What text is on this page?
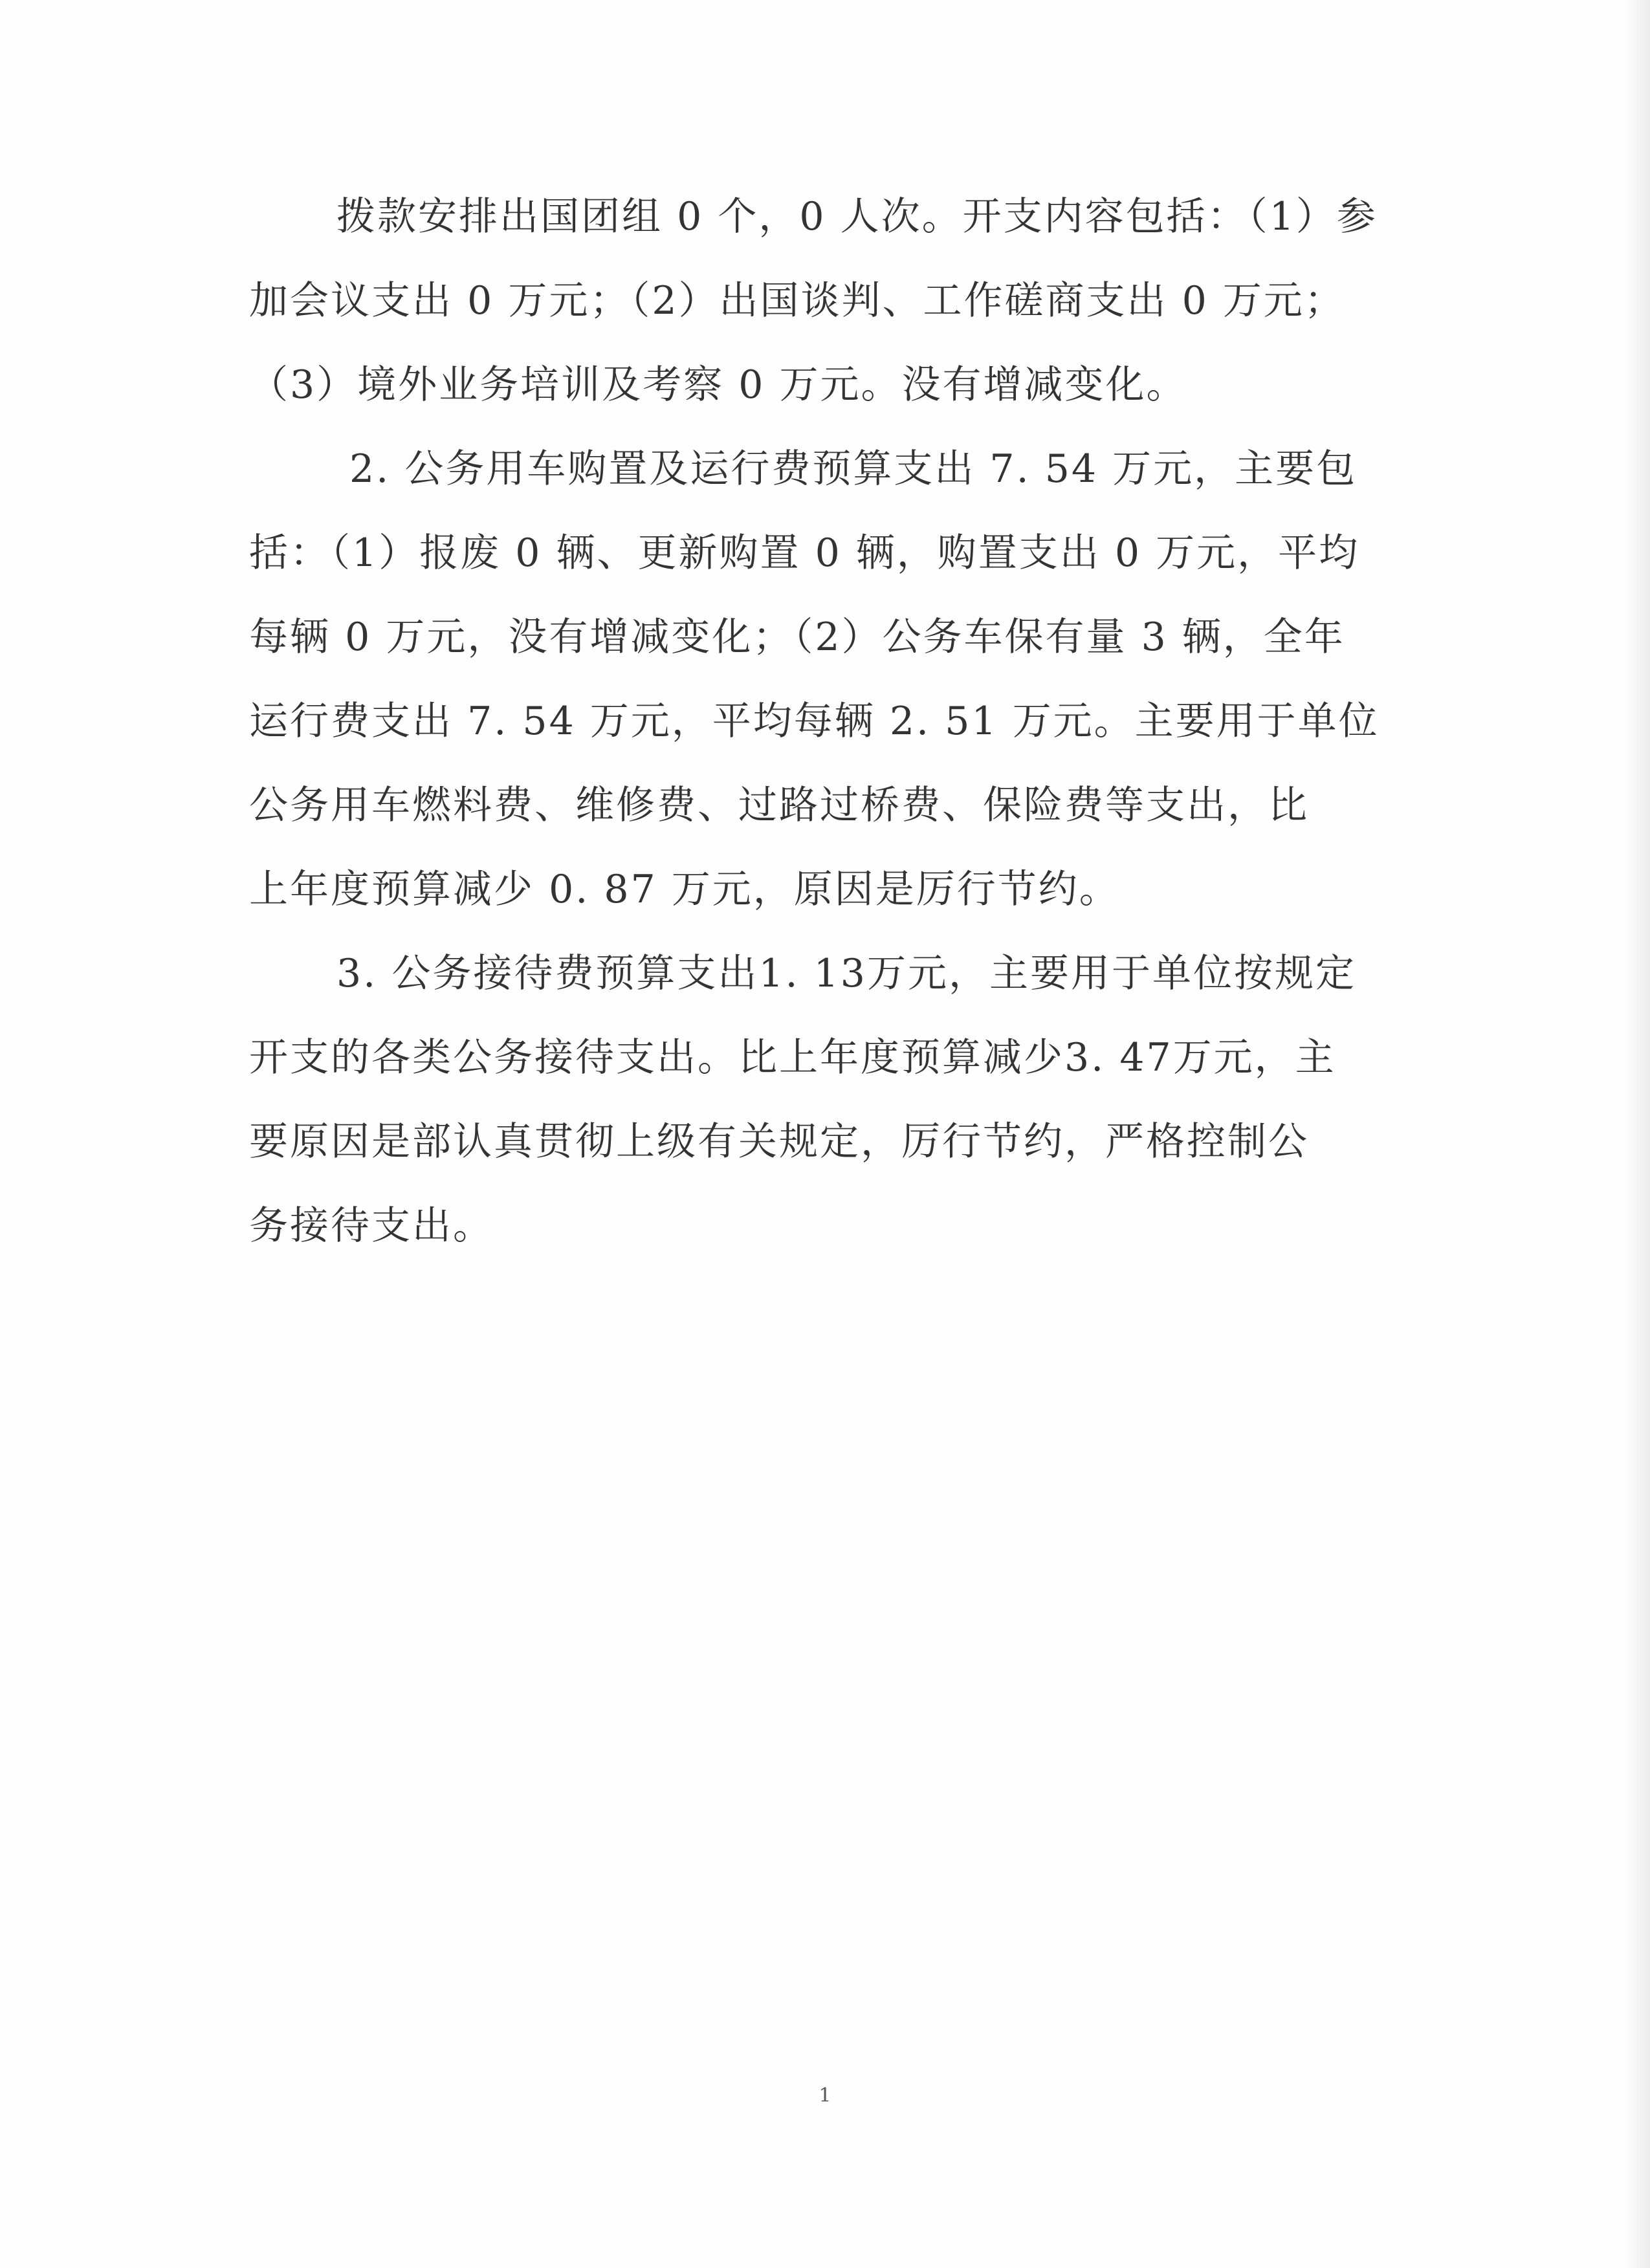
拨款安排出国团组 0 个，0 人次。开支内容包括：（1）参
加会议支出 0 万元；（2）出国谈判、工作磋商支出 0 万元；
（3）境外业务培训及考察 0 万元。没有增减变化。
2. 公务用车购置及运行费预算支出 7. 54 万元，主要包
括：（1）报废 0 辆、更新购置 0 辆，购置支出 0 万元，平均
每辆 0 万元，没有增减变化；（2）公务车保有量 3 辆，全年
运行费支出 7. 54 万元，平均每辆 2. 51 万元。主要用于单位
公务用车燃料费、维修费、过路过桥费、保险费等支出，比
上年度预算减少 0. 87 万元，原因是厉行节约。
3. 公务接待费预算支出1. 13万元，主要用于单位按规定
开支的各类公务接待支出。比上年度预算减少3. 47万元，主
要原因是部认真贯彻上级有关规定，厉行节约，严格控制公
务接待支出。
1
